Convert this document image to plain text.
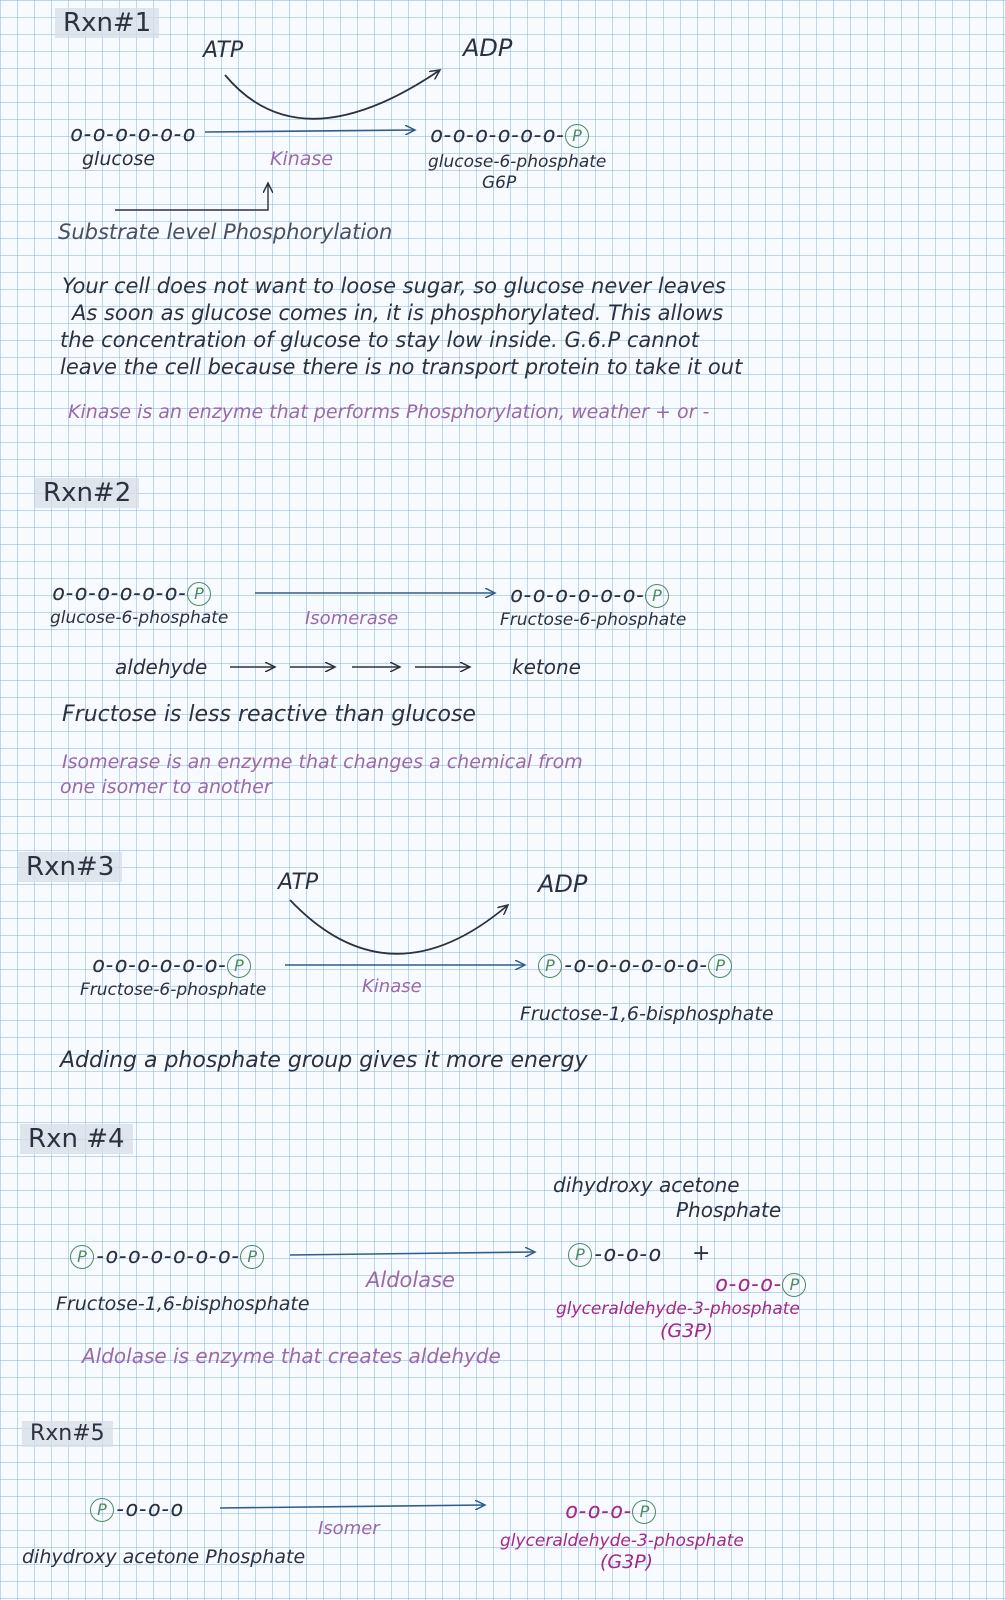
Rxn#1
ATP	ADP
o-o-o-o-o-o
glucose	Kinase
o-o-o-o-o-o- P
glucose-6-phosphate
G6P
Substrate level Phosphorylation
Your cell does not want to loose sugar, so glucose never leaves
As soon as glucose comes in, it is phosphorylated. This allows
the concentration of glucose to stay low inside. G.6.P cannot
leave the cell because there is no transport protein to take it out
Kinase is an enzyme that performs Phosphorylation, weather + or -
Rxn#2
o-o-o-o-o-o- P
glucose-6-phosphate	Isomerase
o-o-o-o-o-o- P
Fructose-6-phosphate
aldehyde	ketone
Fructose is less reactive than glucose
Isomerase is an enzyme that changes a chemical from
one isomer to another
Rxn#3
ATP	ADP
o-o-o-o-o-o- P
Fructose-6-phosphate	Kinase
P -o-o-o-o-o-o- P
Fructose-1,6-bisphosphate
Adding a phosphate group gives it more energy
Rxn #4
dihydroxy acetone
Phosphate
P -o-o-o-o-o-o- P
Fructose-1,6-bisphosphate
Aldolase
P -o-o-o +
o-o-o- P
glyceraldehyde-3-phosphate
(G3P)
Aldolase is enzyme that creates aldehyde
Rxn#5
P -o-o-o
dihydroxy acetone Phosphate
Isomer
o-o-o- P
glyceraldehyde-3-phosphate
(G3P)
